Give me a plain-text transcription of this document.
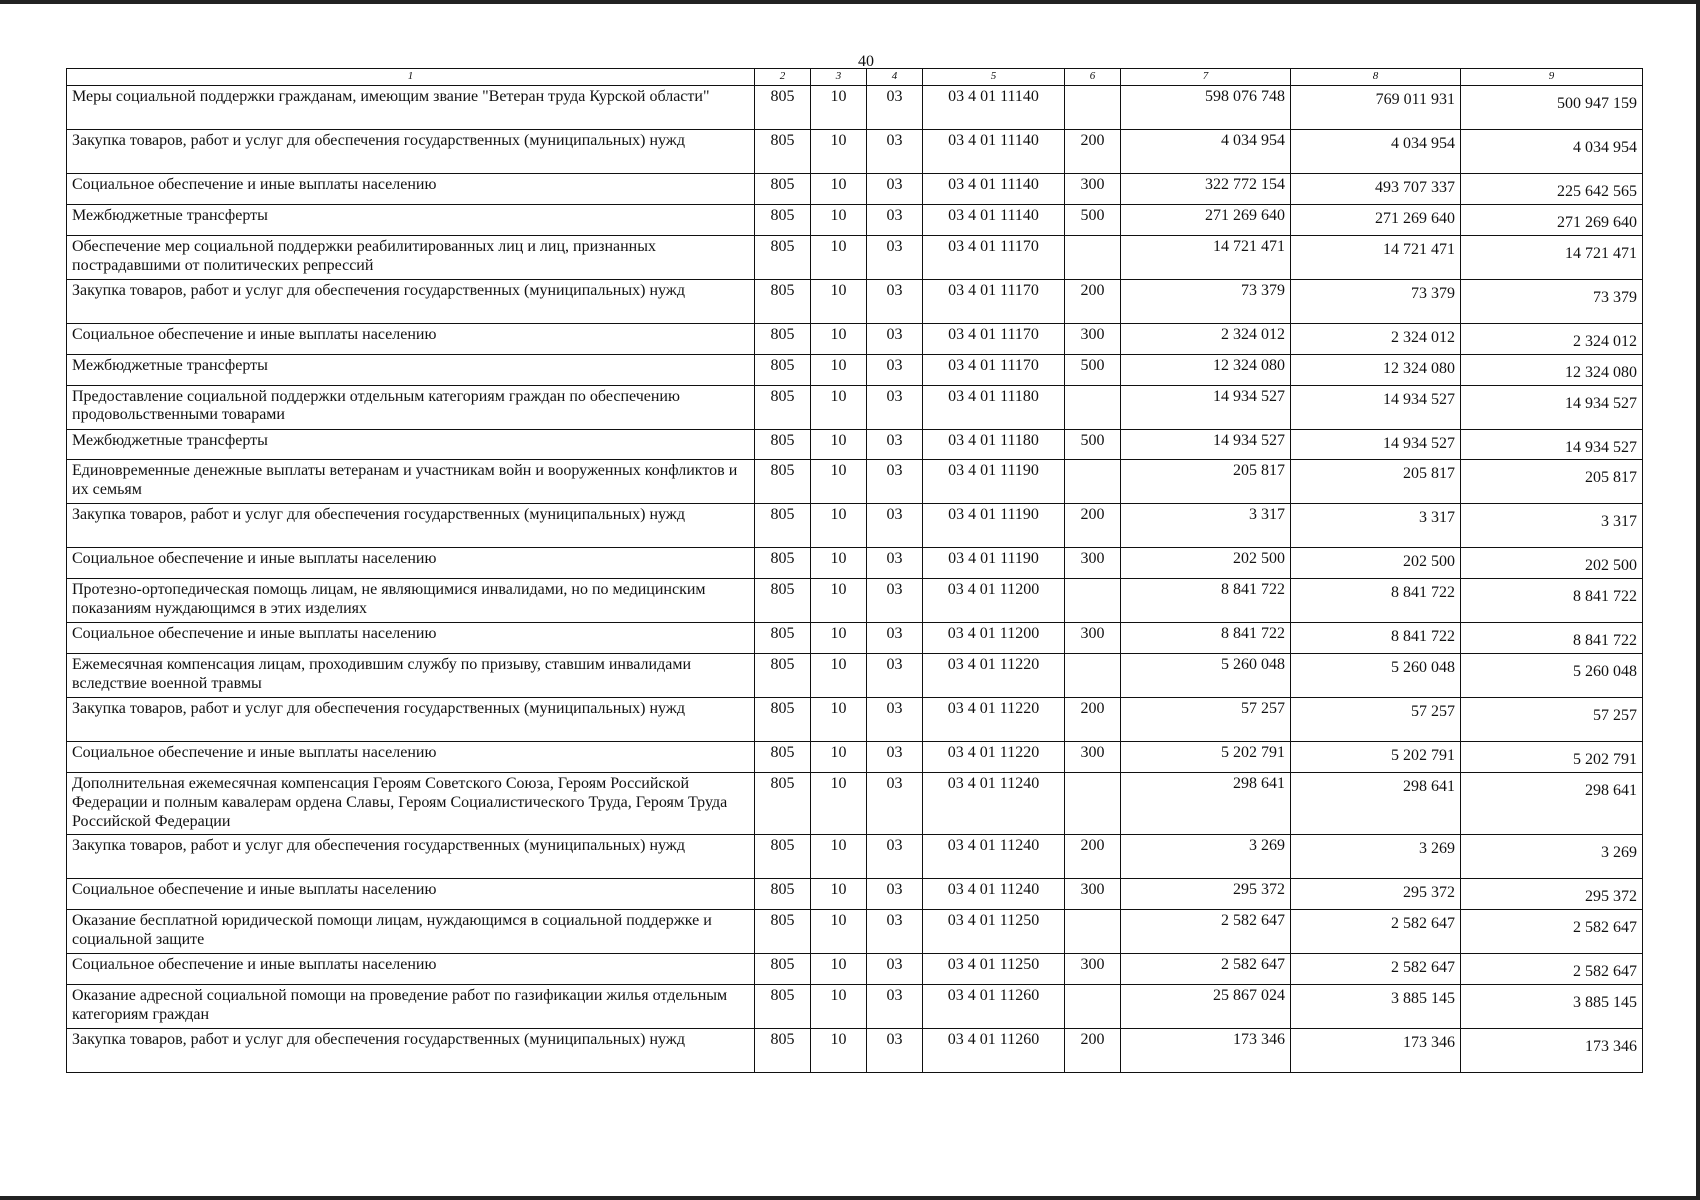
40
1	2	3	4	5	6	7	8	9
Меры социальной поддержки гражданам, имеющим звание "Ветеран труда Курской области"	805	10	03	03 4 01 11140		598 076 748	769 011 931	500 947 159
Закупка товаров, работ и услуг для обеспечения государственных (муниципальных) нужд	805	10	03	03 4 01 11140	200	4 034 954	4 034 954	4 034 954
Социальное обеспечение и иные выплаты населению	805	10	03	03 4 01 11140	300	322 772 154	493 707 337	225 642 565
Межбюджетные трансферты	805	10	03	03 4 01 11140	500	271 269 640	271 269 640	271 269 640
Обеспечение мер социальной поддержки реабилитированных лиц и лиц, признанных пострадавшими от политических репрессий	805	10	03	03 4 01 11170		14 721 471	14 721 471	14 721 471
Закупка товаров, работ и услуг для обеспечения государственных (муниципальных) нужд	805	10	03	03 4 01 11170	200	73 379	73 379	73 379
Социальное обеспечение и иные выплаты населению	805	10	03	03 4 01 11170	300	2 324 012	2 324 012	2 324 012
Межбюджетные трансферты	805	10	03	03 4 01 11170	500	12 324 080	12 324 080	12 324 080
Предоставление социальной поддержки отдельным категориям граждан по обеспечению продовольственными товарами	805	10	03	03 4 01 11180		14 934 527	14 934 527	14 934 527
Межбюджетные трансферты	805	10	03	03 4 01 11180	500	14 934 527	14 934 527	14 934 527
Единовременные денежные выплаты ветеранам и участникам войн и вооруженных конфликтов и их семьям	805	10	03	03 4 01 11190		205 817	205 817	205 817
Закупка товаров, работ и услуг для обеспечения государственных (муниципальных) нужд	805	10	03	03 4 01 11190	200	3 317	3 317	3 317
Социальное обеспечение и иные выплаты населению	805	10	03	03 4 01 11190	300	202 500	202 500	202 500
Протезно-ортопедическая помощь лицам, не являющимися инвалидами, но по медицинским показаниям нуждающимся в этих изделиях	805	10	03	03 4 01 11200		8 841 722	8 841 722	8 841 722
Социальное обеспечение и иные выплаты населению	805	10	03	03 4 01 11200	300	8 841 722	8 841 722	8 841 722
Ежемесячная компенсация лицам, проходившим службу по призыву, ставшим инвалидами вследствие военной травмы	805	10	03	03 4 01 11220		5 260 048	5 260 048	5 260 048
Закупка товаров, работ и услуг для обеспечения государственных (муниципальных) нужд	805	10	03	03 4 01 11220	200	57 257	57 257	57 257
Социальное обеспечение и иные выплаты населению	805	10	03	03 4 01 11220	300	5 202 791	5 202 791	5 202 791
Дополнительная ежемесячная компенсация Героям Советского Союза, Героям Российской Федерации и полным кавалерам ордена Славы, Героям Социалистического Труда, Героям Труда Российской Федерации	805	10	03	03 4 01 11240		298 641	298 641	298 641
Закупка товаров, работ и услуг для обеспечения государственных (муниципальных) нужд	805	10	03	03 4 01 11240	200	3 269	3 269	3 269
Социальное обеспечение и иные выплаты населению	805	10	03	03 4 01 11240	300	295 372	295 372	295 372
Оказание бесплатной юридической помощи лицам, нуждающимся в социальной поддержке и социальной защите	805	10	03	03 4 01 11250		2 582 647	2 582 647	2 582 647
Социальное обеспечение и иные выплаты населению	805	10	03	03 4 01 11250	300	2 582 647	2 582 647	2 582 647
Оказание адресной социальной помощи на проведение работ по газификации жилья отдельным категориям граждан	805	10	03	03 4 01 11260		25 867 024	3 885 145	3 885 145
Закупка товаров, работ и услуг для обеспечения государственных (муниципальных) нужд	805	10	03	03 4 01 11260	200	173 346	173 346	173 346
